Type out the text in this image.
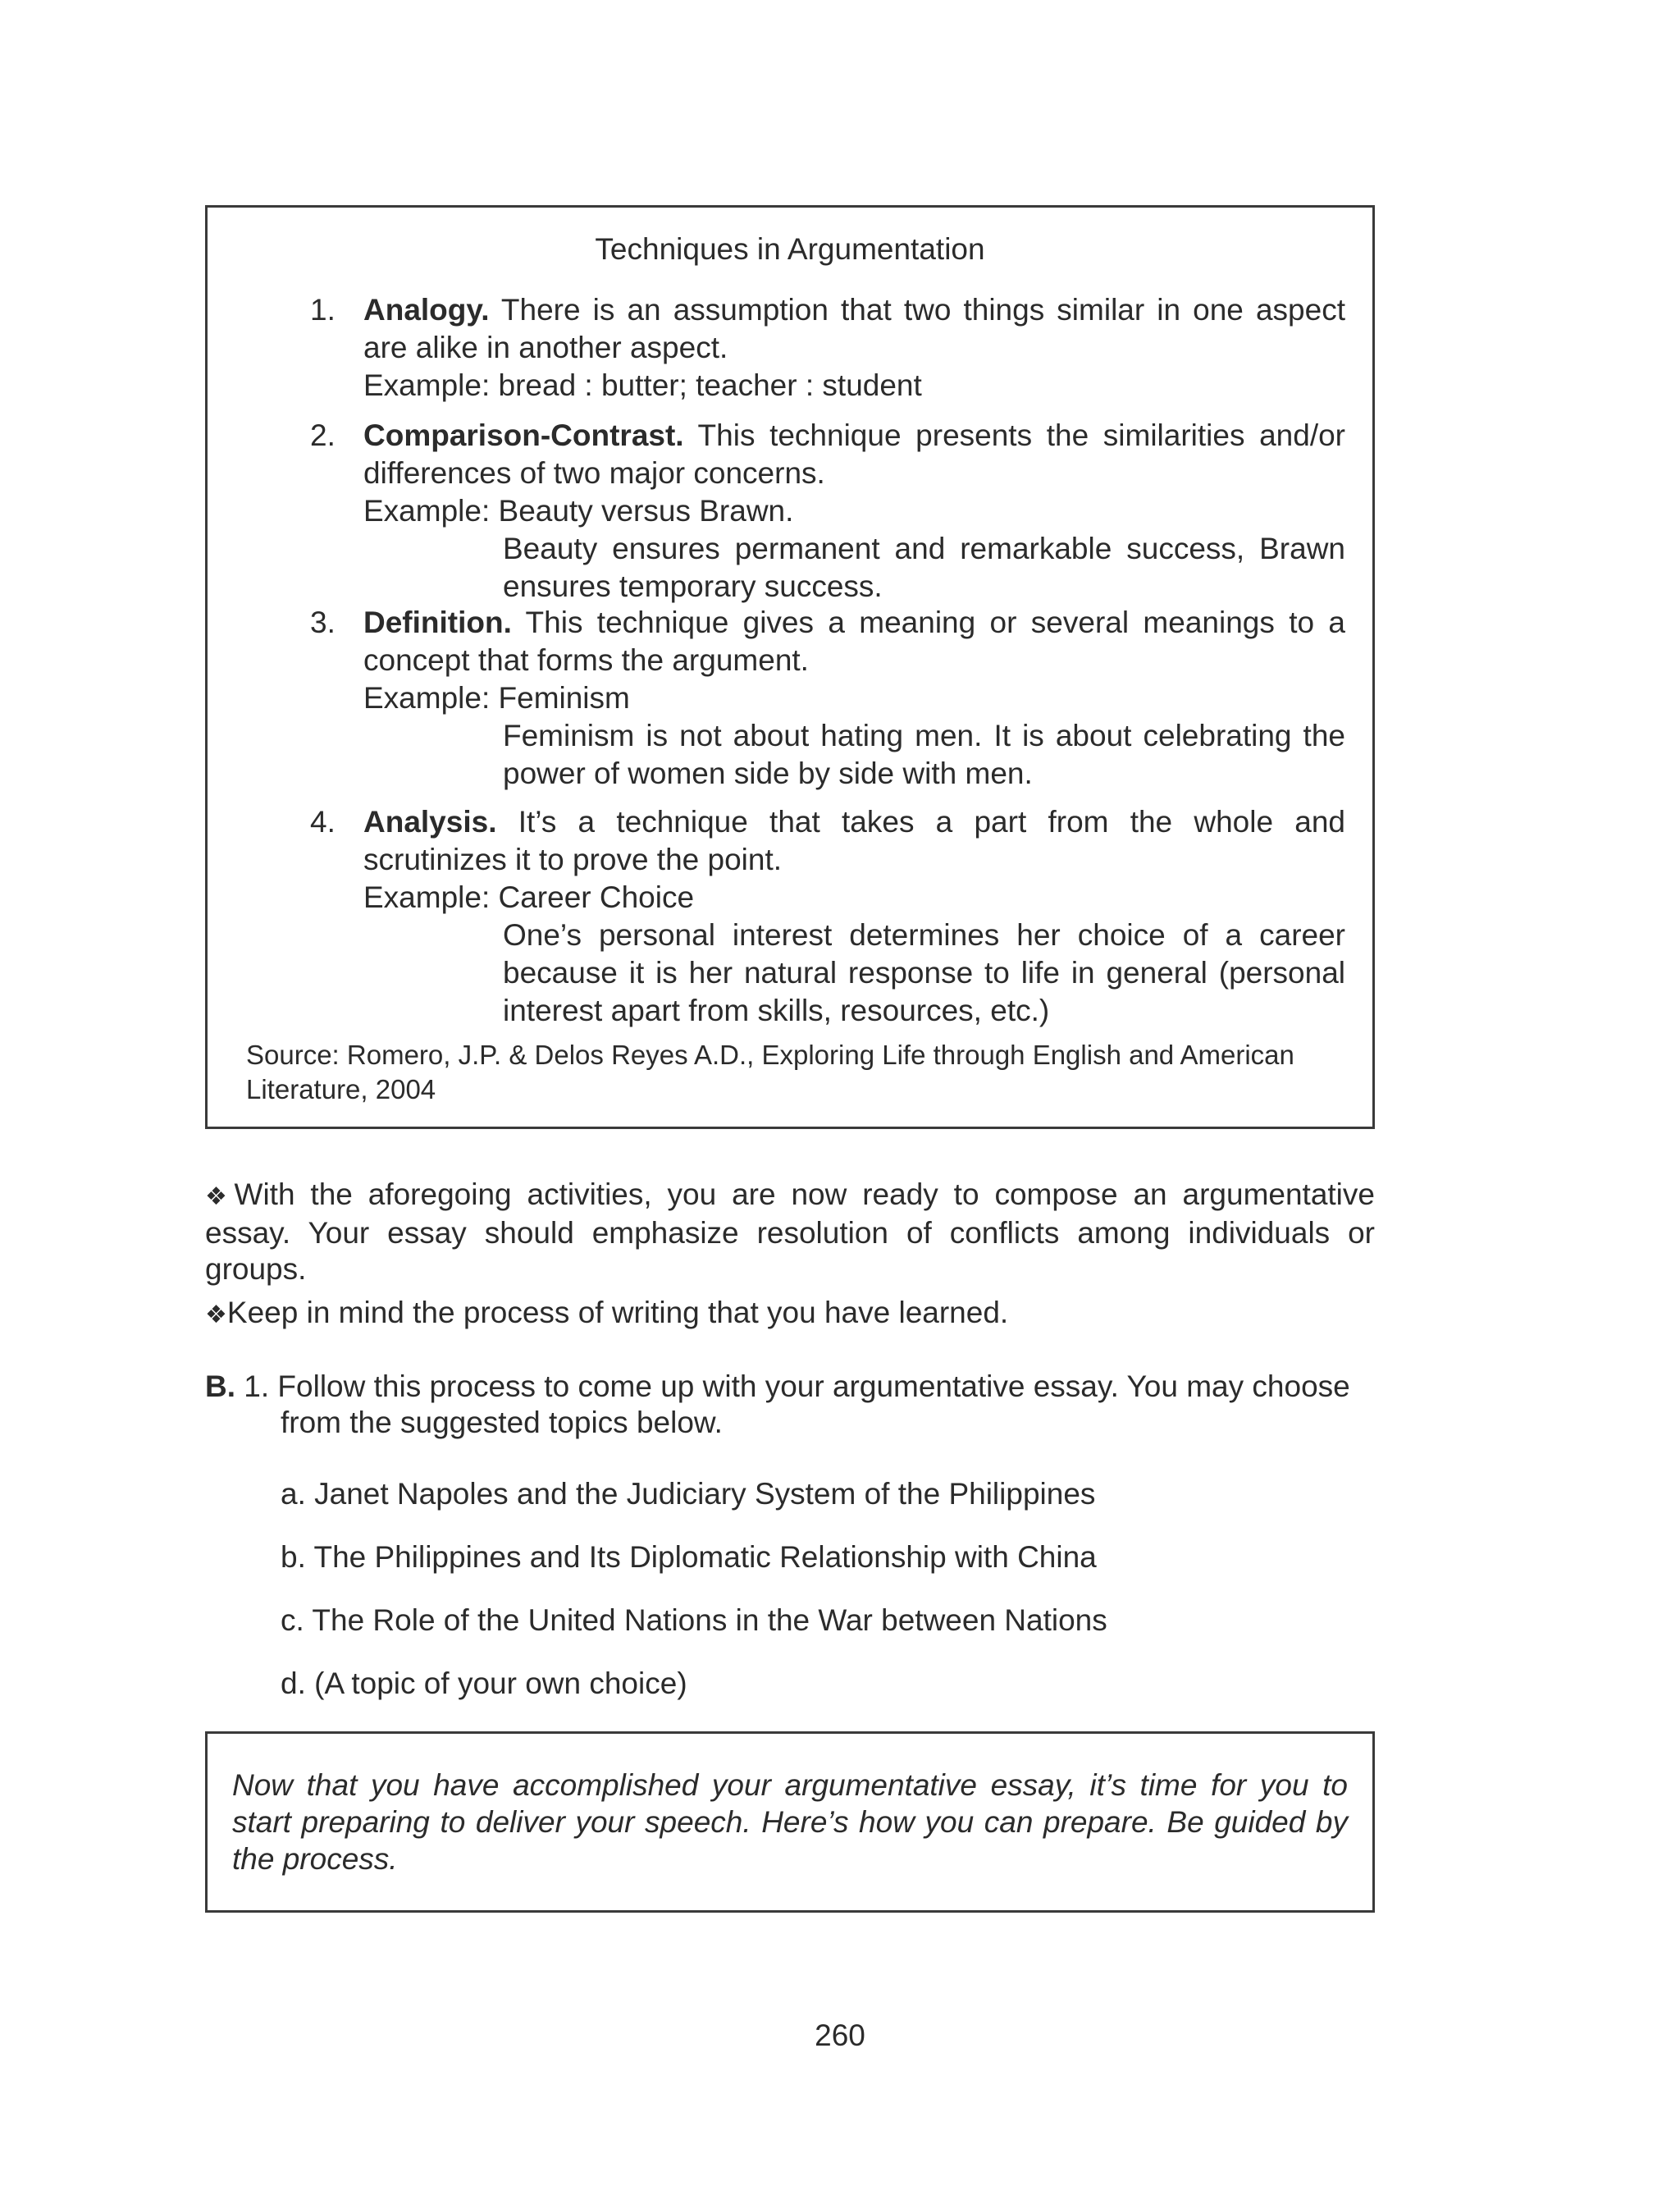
Techniques in Argumentation
1. Analogy. There is an assumption that two things similar in one aspect are alike in another aspect.
Example: bread : butter; teacher : student
2. Comparison-Contrast. This technique presents the similarities and/or differences of two major concerns.
Example: Beauty versus Brawn.
Beauty ensures permanent and remarkable success, Brawn ensures temporary success.
3. Definition. This technique gives a meaning or several meanings to a concept that forms the argument.
Example: Feminism
Feminism is not about hating men. It is about celebrating the power of women side by side with men.
4. Analysis. It’s a technique that takes a part from the whole and scrutinizes it to prove the point.
Example: Career Choice
One’s personal interest determines her choice of a career because it is her natural response to life in general (personal interest apart from skills, resources, etc.)
Source: Romero, J.P. & Delos Reyes A.D., Exploring Life through English and American Literature, 2004
❖With the aforegoing activities, you are now ready to compose an argumentative essay. Your essay should emphasize resolution of conflicts among individuals or groups.
❖Keep in mind the process of writing that you have learned.
B. 1. Follow this process to come up with your argumentative essay. You may choose
from the suggested topics below.
a. Janet Napoles and the Judiciary System of the Philippines
b. The Philippines and Its Diplomatic Relationship with China
c. The Role of the United Nations in the War between Nations
d. (A topic of your own choice)
Now that you have accomplished your argumentative essay, it’s time for you to start preparing to deliver your speech. Here’s how you can prepare. Be guided by the process.
260
